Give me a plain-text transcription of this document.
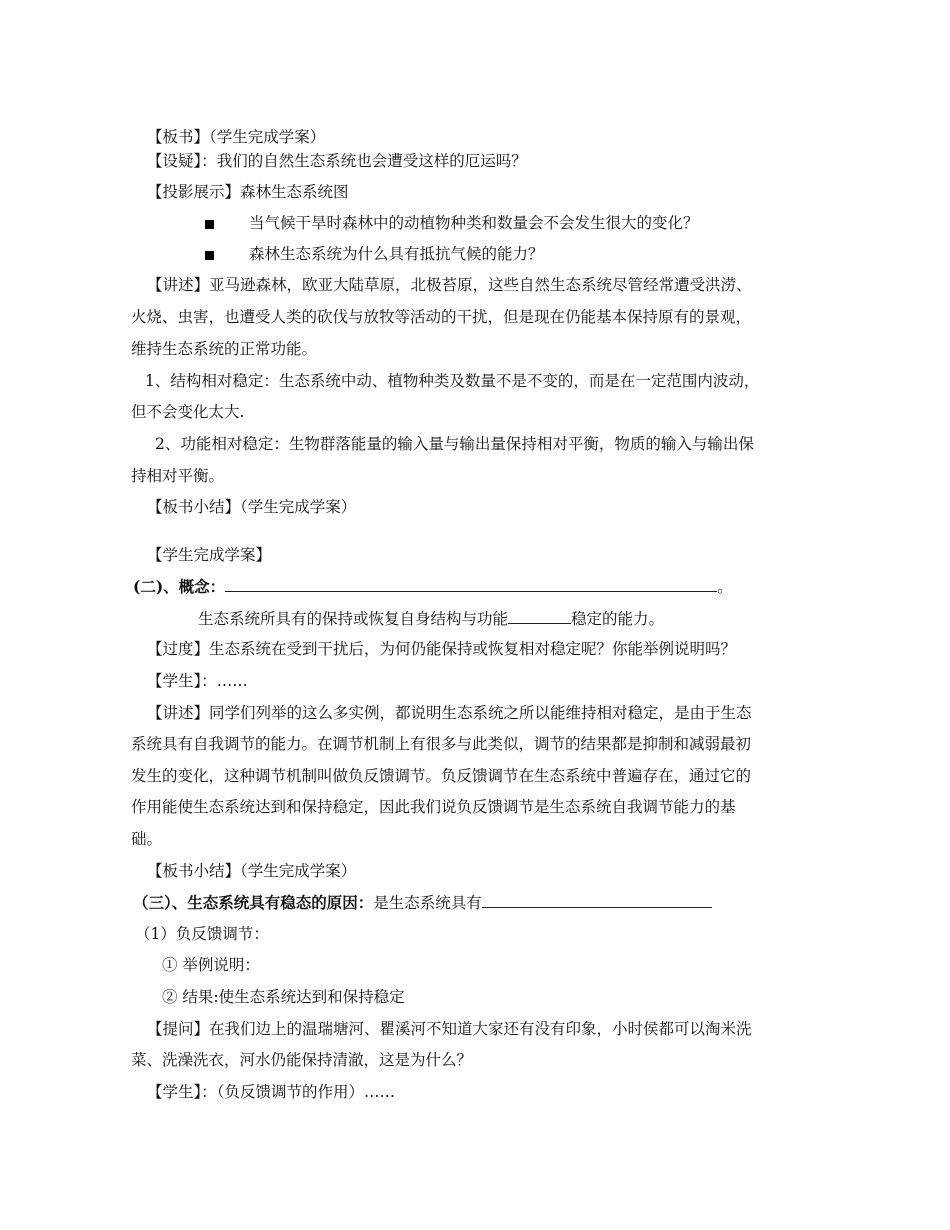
【板书】（学生完成学案）
【设疑】：我们的自然生态系统也会遭受这样的厄运吗？
【投影展示】森林生态系统图
当气候干旱时森林中的动植物种类和数量会不会发生很大的变化？
森林生态系统为什么具有抵抗气候的能力？
【讲述】亚马逊森林，欧亚大陆草原，北极苔原，这些自然生态系统尽管经常遭受洪涝、
火烧、虫害，也遭受人类的砍伐与放牧等活动的干扰，但是现在仍能基本保持原有的景观，
维持生态系统的正常功能。
1、结构相对稳定：生态系统中动、植物种类及数量不是不变的，而是在一定范围内波动，
但不会变化太大.
2、功能相对稳定：生物群落能量的输入量与输出量保持相对平衡，物质的输入与输出保
持相对平衡。
【板书小结】（学生完成学案）
【学生完成学案】
(二)、概念：	。
生态系统所具有的保持或恢复自身结构与功能	稳定的能力。
【过度】生态系统在受到干扰后，为何仍能保持或恢复相对稳定呢？你能举例说明吗？
【学生】：……
【讲述】同学们列举的这么多实例，都说明生态系统之所以能维持相对稳定，是由于生态
系统具有自我调节的能力。在调节机制上有很多与此类似，调节的结果都是抑制和减弱最初
发生的变化，这种调节机制叫做负反馈调节。负反馈调节在生态系统中普遍存在，通过它的
作用能使生态系统达到和保持稳定，因此我们说负反馈调节是生态系统自我调节能力的基
础。
【板书小结】（学生完成学案）
（三）、生态系统具有稳态的原因：是生态系统具有
（1）负反馈调节：
① 举例说明：
② 结果:使生态系统达到和保持稳定
【提问】在我们边上的温瑞塘河、瞿溪河不知道大家还有没有印象，小时侯都可以淘米洗
菜、洗澡洗衣，河水仍能保持清澈，这是为什么？
【学生】：（负反馈调节的作用）……
